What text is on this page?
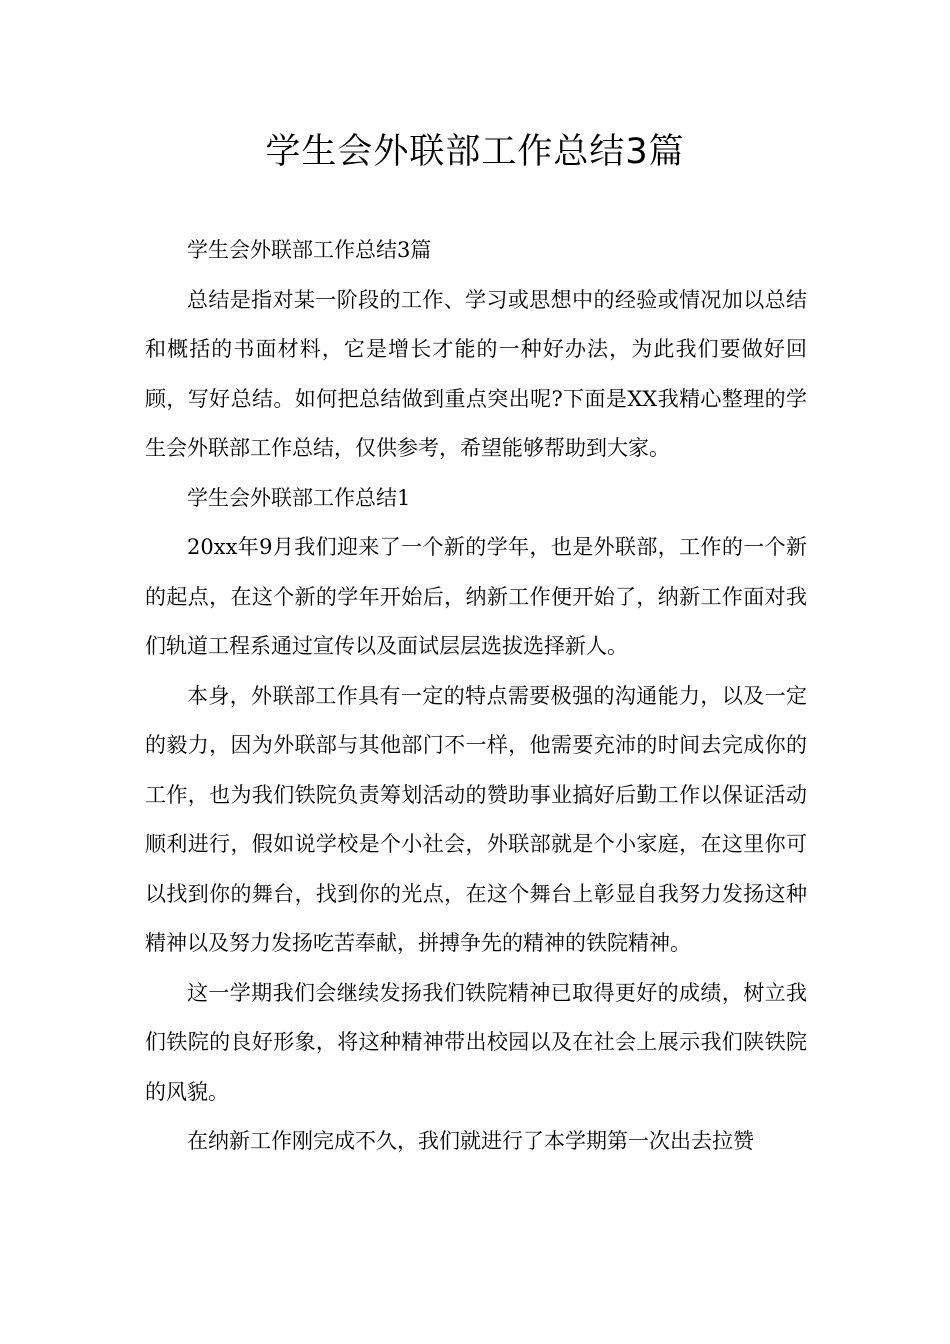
学生会外联部工作总结3篇

学生会外联部工作总结3篇

总结是指对某一阶段的工作、学习或思想中的经验或情况加以总结和概括的书面材料，它是增长才能的一种好办法，为此我们要做好回顾，写好总结。如何把总结做到重点突出呢?下面是XX我精心整理的学生会外联部工作总结，仅供参考，希望能够帮助到大家。

学生会外联部工作总结1

20xx年9月我们迎来了一个新的学年，也是外联部，工作的一个新的起点，在这个新的学年开始后，纳新工作便开始了，纳新工作面对我们轨道工程系通过宣传以及面试层层选拔选择新人。

本身，外联部工作具有一定的特点需要极强的沟通能力，以及一定的毅力，因为外联部与其他部门不一样，他需要充沛的时间去完成你的工作，也为我们铁院负责筹划活动的赞助事业搞好后勤工作以保证活动顺利进行，假如说学校是个小社会，外联部就是个小家庭，在这里你可以找到你的舞台，找到你的光点，在这个舞台上彰显自我努力发扬这种精神以及努力发扬吃苦奉献，拼搏争先的精神的铁院精神。

这一学期我们会继续发扬我们铁院精神已取得更好的成绩，树立我们铁院的良好形象，将这种精神带出校园以及在社会上展示我们陕铁院的风貌。

在纳新工作刚完成不久，我们就进行了本学期第一次出去拉赞
